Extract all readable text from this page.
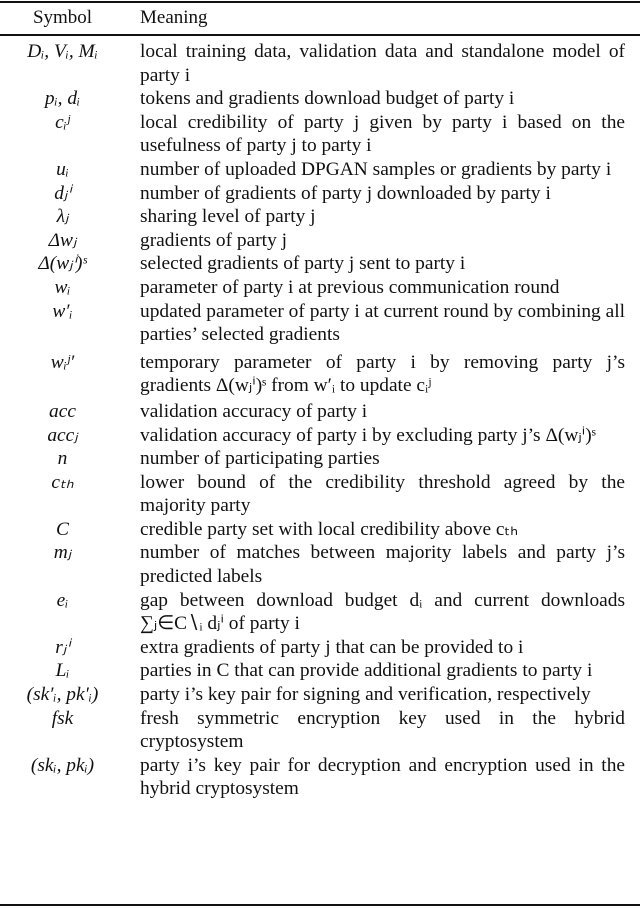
Symbol	Meaning
Dᵢ, Vᵢ, Mᵢ	local training data, validation data and standalone model of party i
pᵢ, dᵢ	tokens and gradients download budget of party i
cᵢʲ	local credibility of party j given by party i based on the usefulness of party j to party i
uᵢ	number of uploaded DPGAN samples or gradients by party i
dⱼⁱ	number of gradients of party j downloaded by party i
λⱼ	sharing level of party j
Δwⱼ	gradients of party j
Δ(wⱼⁱ)ˢ	selected gradients of party j sent to party i
wᵢ	parameter of party i at previous communication round
w′ᵢ	updated parameter of party i at current round by combining all parties’ selected gradients
wᵢʲ′	temporary parameter of party i by removing party j’s gradients Δ(wⱼⁱ)ˢ from w′ᵢ to update cᵢʲ
acc	validation accuracy of party i
accⱼ	validation accuracy of party i by excluding party j’s Δ(wⱼⁱ)ˢ
n	number of participating parties
cₜₕ	lower bound of the credibility threshold agreed by the majority party
C	credible party set with local credibility above cₜₕ
mⱼ	number of matches between majority labels and party j’s predicted labels
eᵢ	gap between download budget dᵢ and current downloads ∑ⱼ∈C∖ᵢ dⱼⁱ of party i
rⱼⁱ	extra gradients of party j that can be provided to i
Lᵢ	parties in C that can provide additional gradients to party i
(sk′ᵢ, pk′ᵢ)	party i’s key pair for signing and verification, respectively
fsk	fresh symmetric encryption key used in the hybrid cryptosystem
(skᵢ, pkᵢ)	party i’s key pair for decryption and encryption used in the hybrid cryptosystem
